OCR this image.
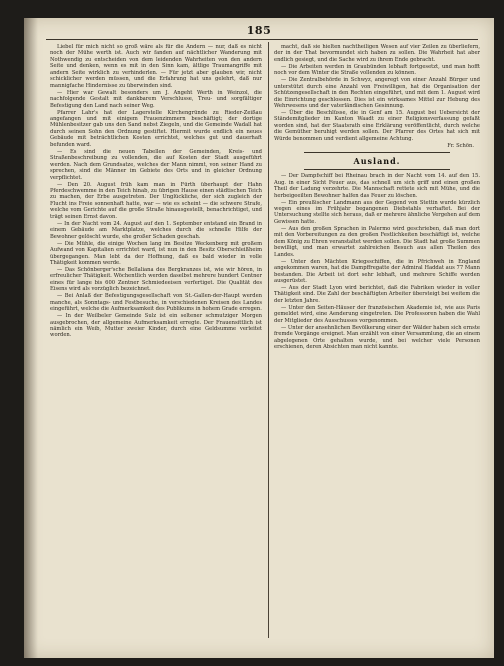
185

Liebel für mich nicht so groß wäre als für die Andern — nur, daß es nicht noch der Mühe werth ist. Auch wir fanden auf nächtlicher Wanderung mit Nothwendig zu entscheiden von dem leidenden Wahrheiten von den andern Seite und denken, wenn es mit in den Sinn kam, ältlige Traumangriffe mit andern Seite wirklich zu verhinderlen. — Für jetzt aber glauben wir, nicht schicklicher werden müssen, und die Erfahrung hat uns gelehrt, daß nur mannigfache Hindernisse zu überwinden sind.

— Hier war Gewalt besonders um J. Angeht Werth in Weinzol, die nachfolgende Gestalt mit dankbarem Verschlusse, Treu- und sorgfältiger Befestigung den Land nach seiner Weg.

Pfarrer Lahr's hat der Lagerstelle Kirchengründe zu Rieder-Zeißau angefangen und mit einigem Frauenzimmern beschäftigt; der dortige Mühlenbesitzer gab uns den Sand nebst Ziegeln, und die Gemeinde Wadall hat durch seinen Sohn den Ordnung gestiftet. Hiermit wurde endlich ein neues Gebäude mit beträchtlichen Kosten errichtet, welches gut und dauerhaft befunden ward.

— Es sind die neuen Tabellen der Gemeinden, Kreis- und Straßenbeschreibung zu vollenden, die auf Kosten der Stadt ausgeführt werden. Nach dem Grundsatze, welches der Mann nimmt, von seiner Hand zu sprechen, sind die Männer im Gebiete des Orts und in gleicher Ordnung verpflichtet.

— Den 20. August früh kam man in Fürth überhaupt der Hahn Pferdeschwemme in den Teich hinab, zu übrigen Hause einen städtischen Teich zu machen, der Erbe ausgetreten. Der Unglückliche, der sich zugleich der Flucht ins Freie sonnenhaft hatte, war — wie es scheint — die schwere Strafe, welche vom Gerichte auf die große Straße hinausgestellt, benachrichtiget, und trägt seinen Ernst davon.

— In der Nacht vom 24. August auf den 1. September entstand ein Brand in einem Gebäude am Marktplatze, welches durch die schnelle Hilfe der Bewohner gelöscht wurde, ehe großer Schaden geschah.

— Die Mühle, die einige Wochen lang im Besitze Weckenberg mit großem Aufwand von Kapitalien errichtet ward, ist nun in den Besitz Oberschleißheim übergegangen. Man lebt da der Hoffnung, daß es bald wieder in volle Thätigkeit kommen werde.

— Das Schönberger'sche Bellaliana des Bergkranzes ist, wie wir hören, in erfreulicher Thätigkeit. Wöchentlich werden daselbst mehrere hundert Centner eines für lange bis 600 Zentner Schmiedeeisen verfertiget. Die Qualität des Eisens wird als vorzüglich bezeichnet.

— Bei Anlaß der Befestigungsgesellschaft von St.-Gallen-der-Haupt werden manche, als Sonntags- und Festbesuche, in verschiedenen Kreisen des Landes eingeführt, welche die Aufmerksamkeit des Publikums in hohem Grade erregen.

— In der Weilbeler Gemeinde Sulz ist ein seltener schmutziger Morgen ausgebrochen, der allgemeine Aufmerksamkeit erregte. Der Frauensittlich ist nämlich ein Weib, Mutter zweier Kinder, durch eine Geldsumme verleitet worden.

macht, daß sie hielten nachtheiligen Wesen auf vier Zeilen zu überliefern, der in der That bevormundet sich haben zu sollen. Die Wahrheit hat aber endlich gesiegt, und die Sache wird zu ihrem Ende gebracht.

— Die Arbeiten werden in Graubünden lebhaft fortgesetzt, und man hofft noch vor dem Winter die Straße vollenden zu können.

— Die Zentralbehörde in Schwyz, angeregt von einer Anzahl Bürger und unterstützt durch eine Anzahl von Freiwilligen, hat die Organisation der Schützengesellschaft in den Rechten eingeführt, und mit dem 1. August wird die Einrichtung geschlossen. Dies ist ein wirksames Mittel zur Hebung des Wehrwesens und der vaterländischen Gesinnung.

— Über die Beschlüsse, die in Genf am 15. August bei Uebersicht der Ständemitglieder im Kanton Waadt zu einer Religionsverfassung gefaßt worden sind, hat der Staatsrath eine Erklärung veröffentlicht, durch welche die Gemüther beruhigt werden sollen. Der Pfarrer des Ortes hat sich mit Würde benommen und verdient allgemeine Achtung.

Fr. Schön.

Ausland.

— Der Dampfschiff bei Rheinau brach in der Nacht vom 14. auf den 15. Aug. in einer Sicht Feuer aus, das schnell um sich griff und einen großen Theil der Ladung verzehrte. Die Mannschaft rettete sich mit Mühe, und die herbeigeeilten Bewohner halfen das Feuer zu löschen.

— Ein preußischer Landmann aus der Gegend von Stettin wurde kürzlich wegen eines im Frühjahr begangenen Diebstahls verhaftet. Bei der Untersuchung stellte sich heraus, daß er mehrere ähnliche Vergehen auf dem Gewissen hatte.

— Aus den großen Sprachen in Palermo wird geschrieben, daß man dort mit den Vorbereitungen zu den großen Festlichkeiten beschäftigt ist, welche dem König zu Ehren veranstaltet werden sollen. Die Stadt hat große Summen bewilligt, und man erwartet zahlreichen Besuch aus allen Theilen des Landes.

— Unter den Mächten Kriegsschiffen, die in Pfrichweh in England angekommen waren, hat die Dampffregatte der Admiral Haddat aus 77 Mann bestanden. Die Arbeit ist dort sehr lebhaft, und mehrere Schiffe werden ausgerüstet.

— Aus der Stadt Lyon wird berichtet, daß die Fabriken wieder in voller Thätigkeit sind. Die Zahl der beschäftigten Arbeiter übersteigt bei weitem die der letzten Jahre.

— Unter den Seiten-Häuser der französischen Akademie ist, wie aus Paris gemeldet wird, eine Aenderung eingetreten. Die Professoren haben die Wahl der Mitglieder des Ausschusses vorgenommen.

— Unter der ansehnlichen Bevölkerung einer der Wälder haben sich ernste fremde Vorgänge ereignet. Man erzählt von einer Versammlung, die an einem abgelegenen Orte gehalten wurde, und bei welcher viele Personen erschienen, deren Absichten man nicht kannte.
